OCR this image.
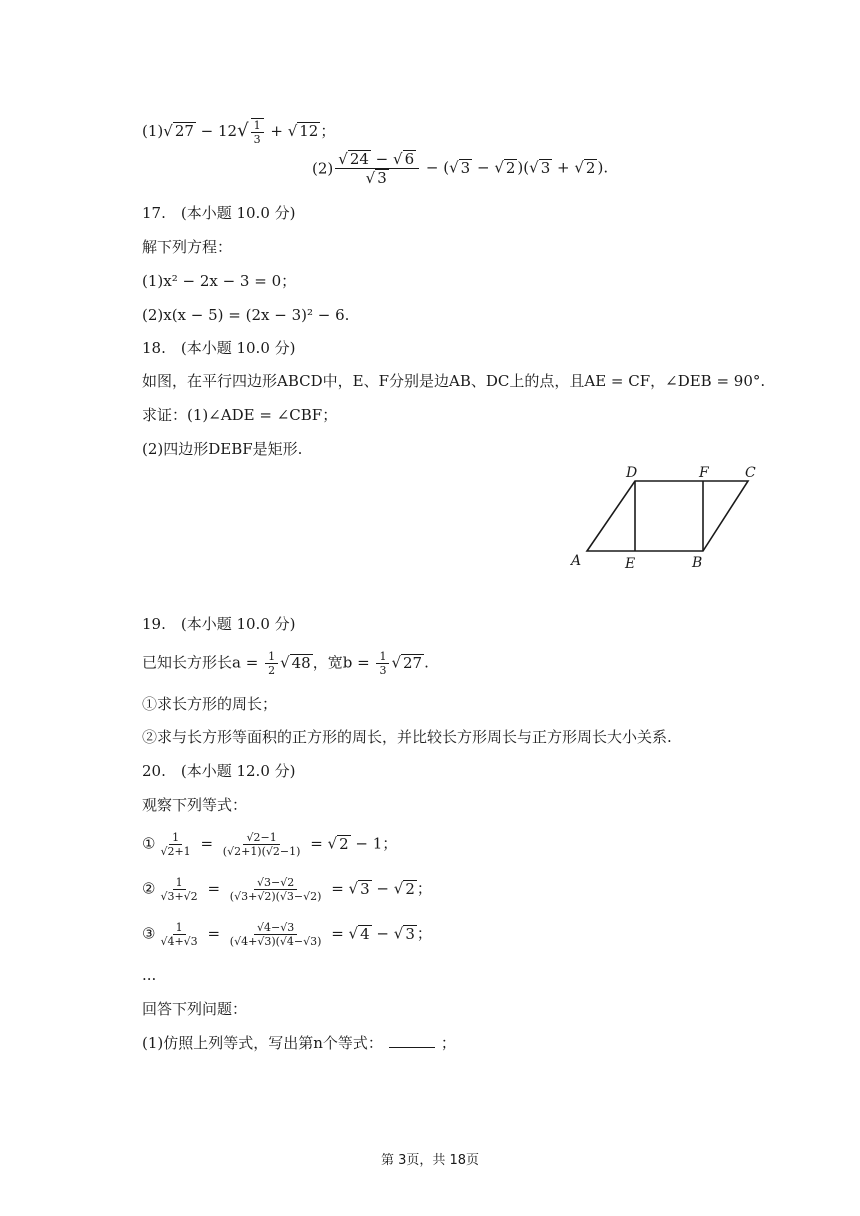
(1)√ $27 - 12√ \frac{1}{3}$ + √ 12 ；
$(2) \frac{√ 24 - √ 6}{√ 3}$ − (√ 3 − √ 2 )(√ 3 + √ 2 ).
17.　(本小题 10.0 分)
解下列方程：
(1)x² − 2x − 3 = 0；
(2)x(x − 5) = (2x − 3)² − 6.
18.　(本小题 10.0 分)
如图，在平行四边形ABCD中，E、F分别是边AB、DC上的点，且AE = CF，∠DEB = 90°.
求证：(1)∠ADE = ∠CBF；
(2)四边形DEBF是矩形.
D	F	C
A	E	B
19.　(本小题 10.0 分)
已知长方形长$a = \frac{1}{2}$ √ 48 ，宽$b = \frac{1}{3}$ √ 27 .
①求长方形的周长；
②求与长方形等面积的正方形的周长，并比较长方形周长与正方形周长大小关系.
20.　(本小题 12.0 分)
观察下列等式：
① $\frac{1}{√2+1} = \frac{√2-1}{(√2+1)(√2-1)}$ = √ 2 − 1；
② $\frac{1}{√3+√2} = \frac{√3-√2}{(√3+√2)(√3-√2)}$ = √ 3 − √ 2 ；
③ $\frac{1}{√4+√3} = \frac{√4-√3}{(√4+√3)(√4-√3)}$ = √ 4 − √ 3 ；
...
回答下列问题：
(1)仿照上列等式，写出第n个等式：	；
第 3页，共 18页
